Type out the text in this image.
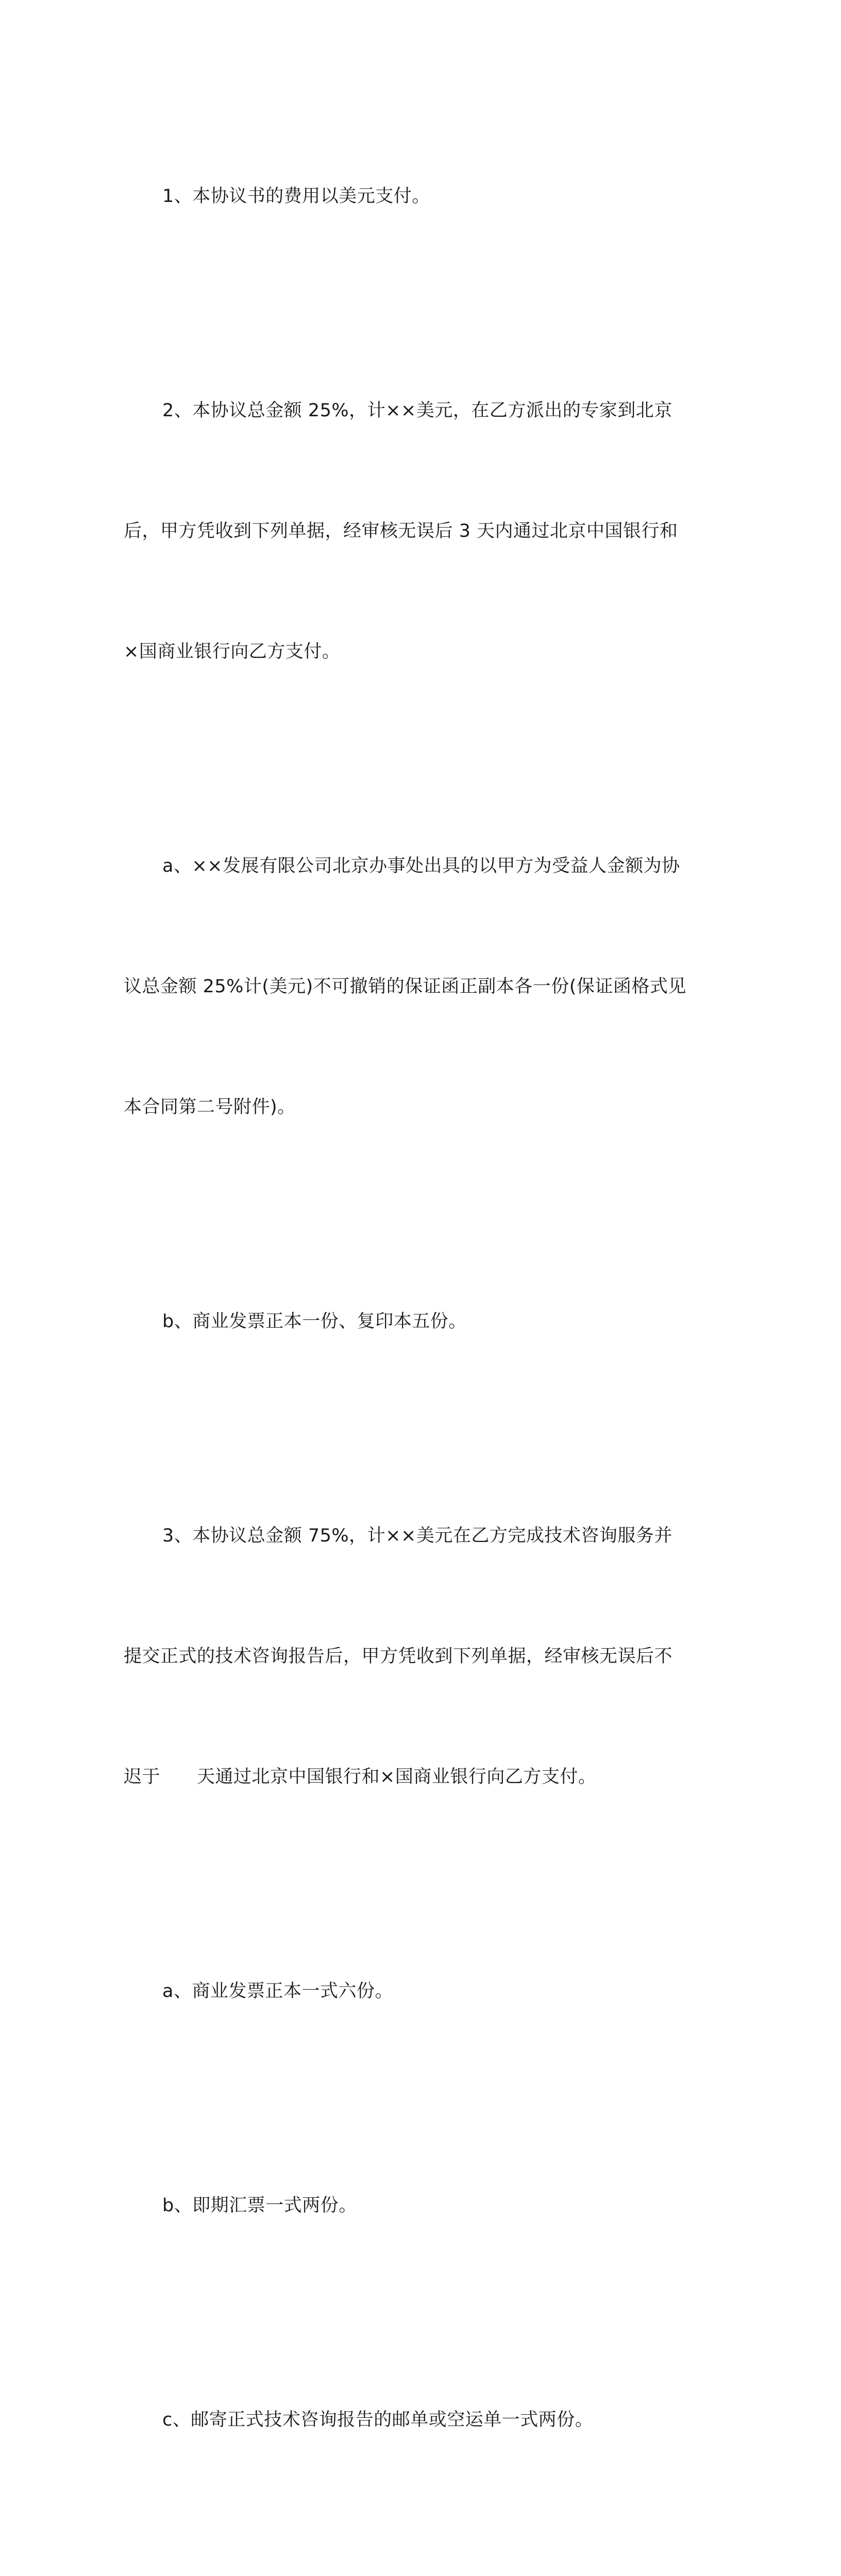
1、本协议书的费用以美元支付。

2、本协议总金额 25%，计××美元，在乙方派出的专家到北京

后，甲方凭收到下列单据，经审核无误后 3 天内通过北京中国银行和

×国商业银行向乙方支付。

a、××发展有限公司北京办事处出具的以甲方为受益人金额为协

议总金额 25%计(美元)不可撤销的保证函正副本各一份(保证函格式见

本合同第二号附件)。

b、商业发票正本一份、复印本五份。

3、本协议总金额 75%，计××美元在乙方完成技术咨询服务并

提交正式的技术咨询报告后，甲方凭收到下列单据，经审核无误后不

迟于　　天通过北京中国银行和×国商业银行向乙方支付。

a、商业发票正本一式六份。

b、即期汇票一式两份。

c、邮寄正式技术咨询报告的邮单或空运单一式两份。
